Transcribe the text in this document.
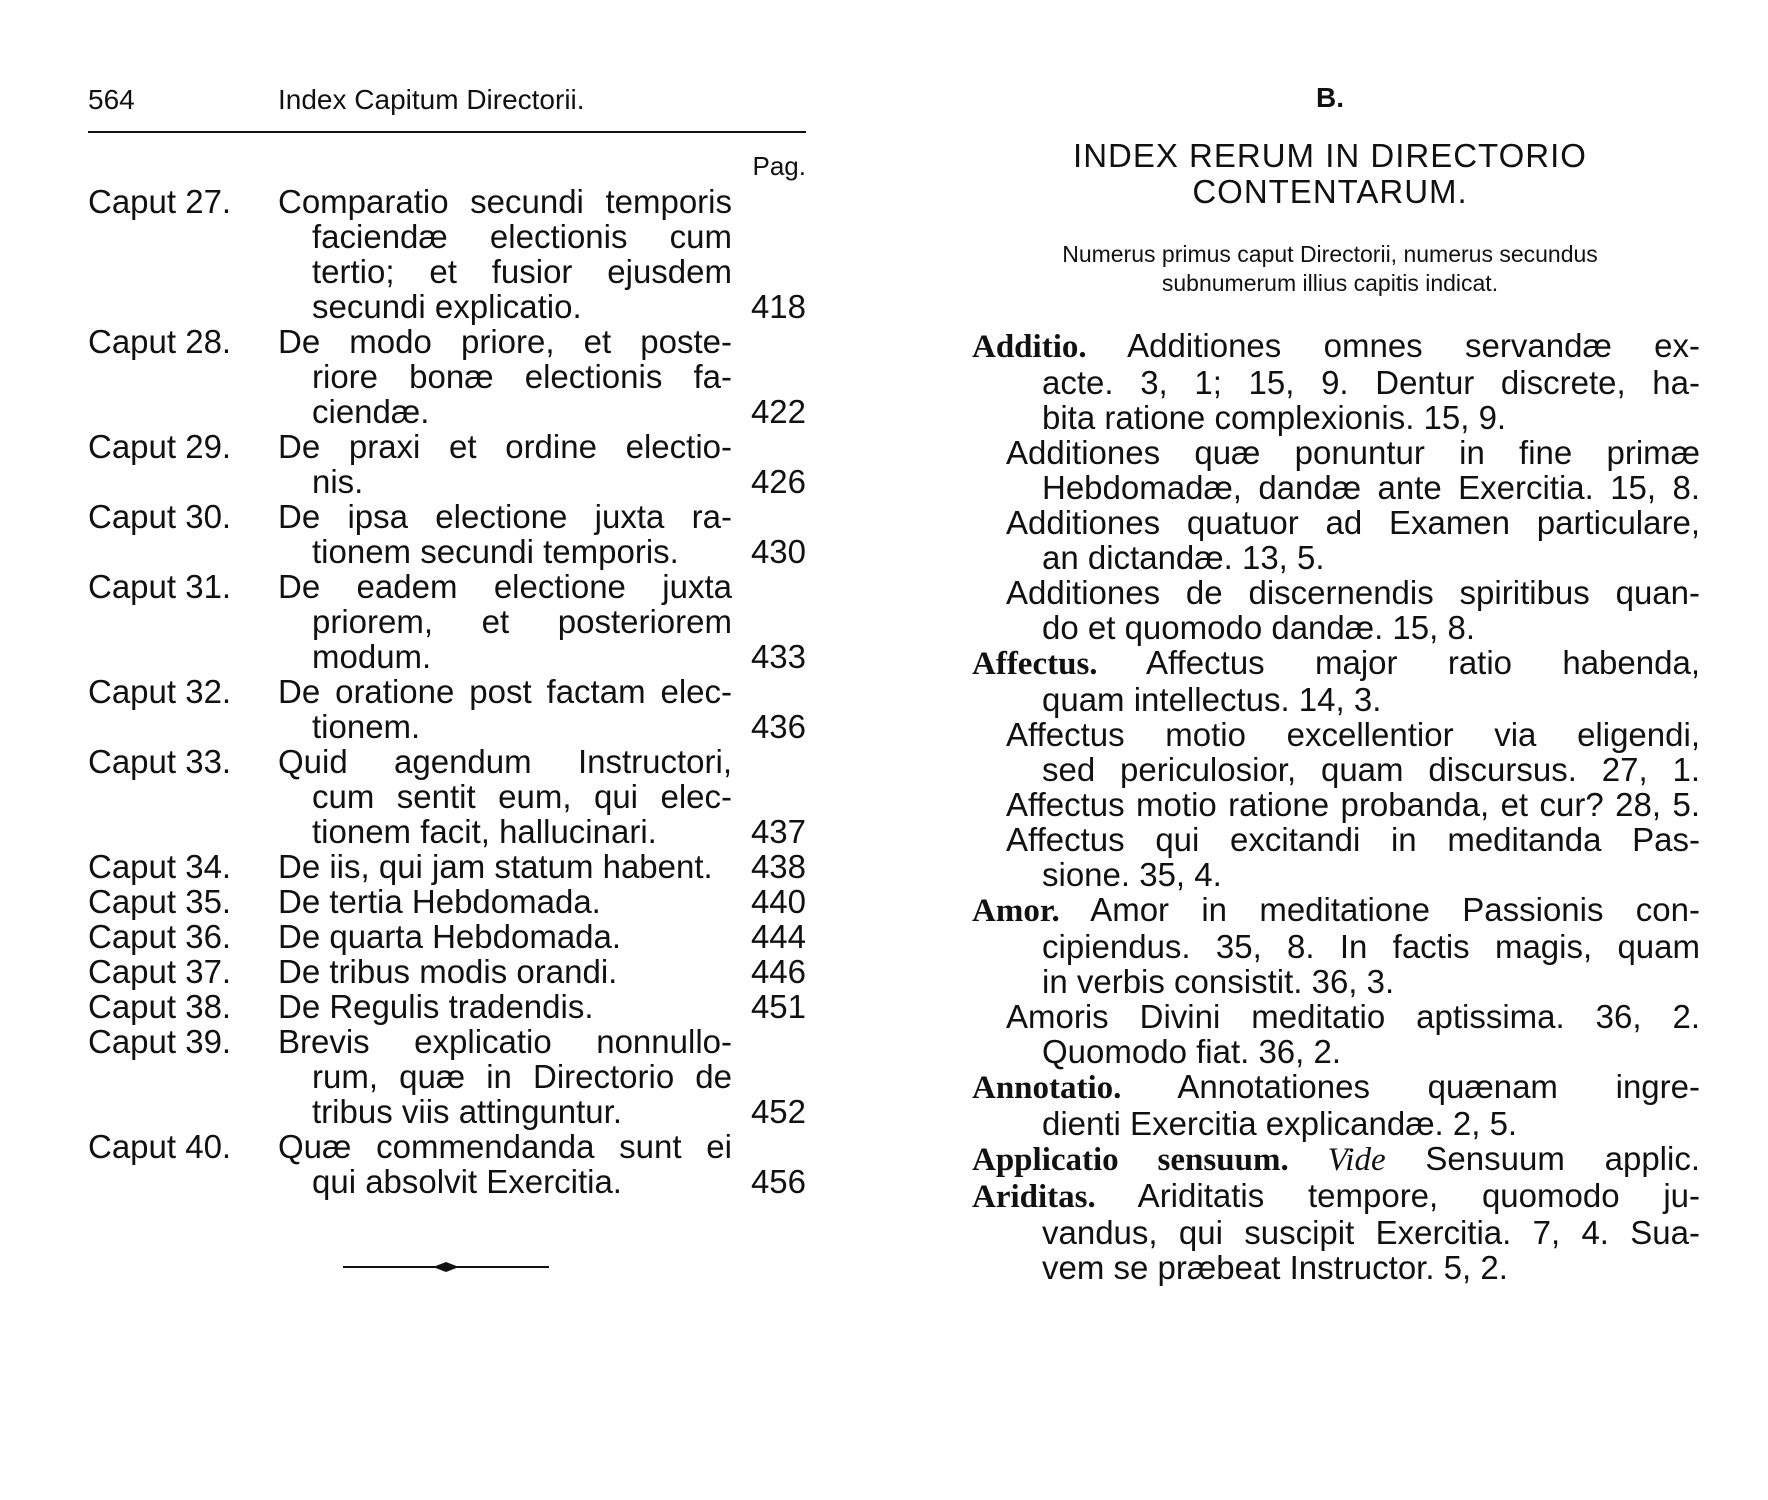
564	Index Capitum Directorii.
Pag.
Caput 27.	Comparatio secundi temporis
faciendæ electionis cum
tertio; et fusior ejusdem
secundi explicatio.	418
Caput 28.	De modo priore, et poste-
riore bonæ electionis fa-
ciendæ.	422
Caput 29.	De praxi et ordine electio-
nis.	426
Caput 30.	De ipsa electione juxta ra-
tionem secundi temporis.	430
Caput 31.	De eadem electione juxta
priorem, et posteriorem
modum.	433
Caput 32.	De oratione post factam elec-
tionem.	436
Caput 33.	Quid agendum Instructori,
cum sentit eum, qui elec-
tionem facit, hallucinari.	437
Caput 34.	De iis, qui jam statum habent.	438
Caput 35.	De tertia Hebdomada.	440
Caput 36.	De quarta Hebdomada.	444
Caput 37.	De tribus modis orandi.	446
Caput 38.	De Regulis tradendis.	451
Caput 39.	Brevis explicatio nonnullo-
rum, quæ in Directorio de
tribus viis attinguntur.	452
Caput 40.	Quæ commendanda sunt ei
qui absolvit Exercitia.	456
B.
INDEX RERUM IN DIRECTORIO
CONTENTARUM.
Numerus primus caput Directorii, numerus secundus
subnumerum illius capitis indicat.
Additio. Additiones omnes servandæ ex-
acte. 3, 1; 15, 9. Dentur discrete, ha-
bita ratione complexionis. 15, 9.
Additiones quæ ponuntur in fine primæ
Hebdomadæ, dandæ ante Exercitia. 15, 8.
Additiones quatuor ad Examen particulare,
an dictandæ. 13, 5.
Additiones de discernendis spiritibus quan-
do et quomodo dandæ. 15, 8.
Affectus. Affectus major ratio habenda,
quam intellectus. 14, 3.
Affectus motio excellentior via eligendi,
sed periculosior, quam discursus. 27, 1.
Affectus motio ratione probanda, et cur? 28, 5.
Affectus qui excitandi in meditanda Pas-
sione. 35, 4.
Amor. Amor in meditatione Passionis con-
cipiendus. 35, 8. In factis magis, quam
in verbis consistit. 36, 3.
Amoris Divini meditatio aptissima. 36, 2.
Quomodo fiat. 36, 2.
Annotatio. Annotationes quænam ingre-
dienti Exercitia explicandæ. 2, 5.
Applicatio sensuum. Vide Sensuum applic.
Ariditas. Ariditatis tempore, quomodo ju-
vandus, qui suscipit Exercitia. 7, 4. Sua-
vem se præbeat Instructor. 5, 2.
